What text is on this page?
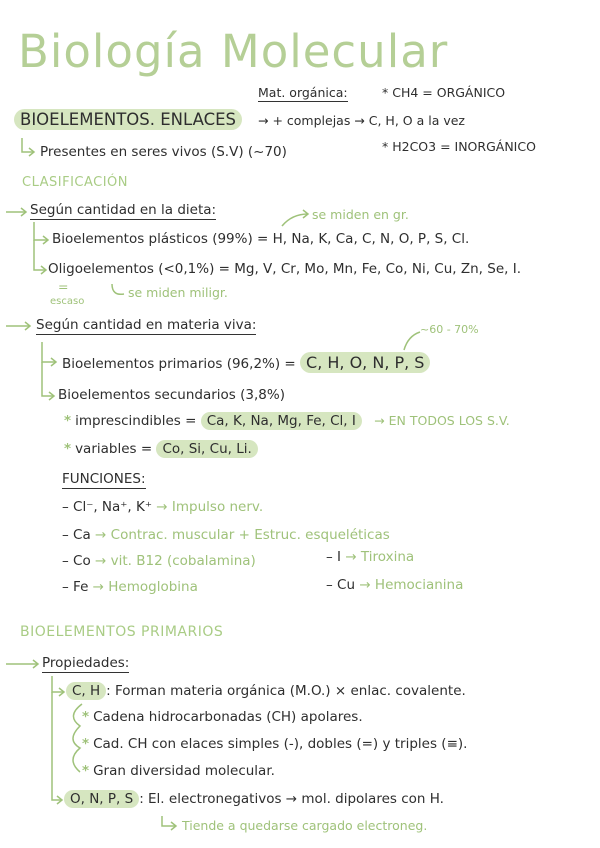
Biología Molecular
BIOELEMENTOS. ENLACES
Mat. orgánica:	* CH4 = ORGÁNICO
→ + complejas → C, H, O a la vez
* H2CO3 = INORGÁNICO
Presentes en seres vivos (S.V) (~70)
CLASIFICACIÓN
Según cantidad en la dieta:	se miden en gr.
Bioelementos plásticos (99%) = H, Na, K, Ca, C, N, O, P, S, Cl.
Oligoelementos (<0,1%) = Mg, V, Cr, Mo, Mn, Fe, Co, Ni, Cu, Zn, Se, I.
=
escaso
se miden miligr.
Según cantidad en materia viva:	~60 - 70%
Bioelementos primarios (96,2%) = C, H, O, N, P, S
Bioelementos secundarios (3,8%)
* imprescindibles = Ca, K, Na, Mg, Fe, Cl, I → EN TODOS LOS S.V.
* variables = Co, Si, Cu, Li.
FUNCIONES:
– Cl⁻, Na⁺, K⁺ → Impulso nerv.
– Ca → Contrac. muscular + Estruc. esqueléticas
– Co → vit. B12 (cobalamina)	– I → Tiroxina
– Fe → Hemoglobina	– Cu → Hemocianina
BIOELEMENTOS PRIMARIOS
Propiedades:
C, H : Forman materia orgánica (M.O.) × enlac. covalente.
* Cadena hidrocarbonadas (CH) apolares.
* Cad. CH con elaces simples (-), dobles (=) y triples (≡).
* Gran diversidad molecular.
O, N, P, S : El. electronegativos → mol. dipolares con H.
Tiende a quedarse cargado electroneg.
